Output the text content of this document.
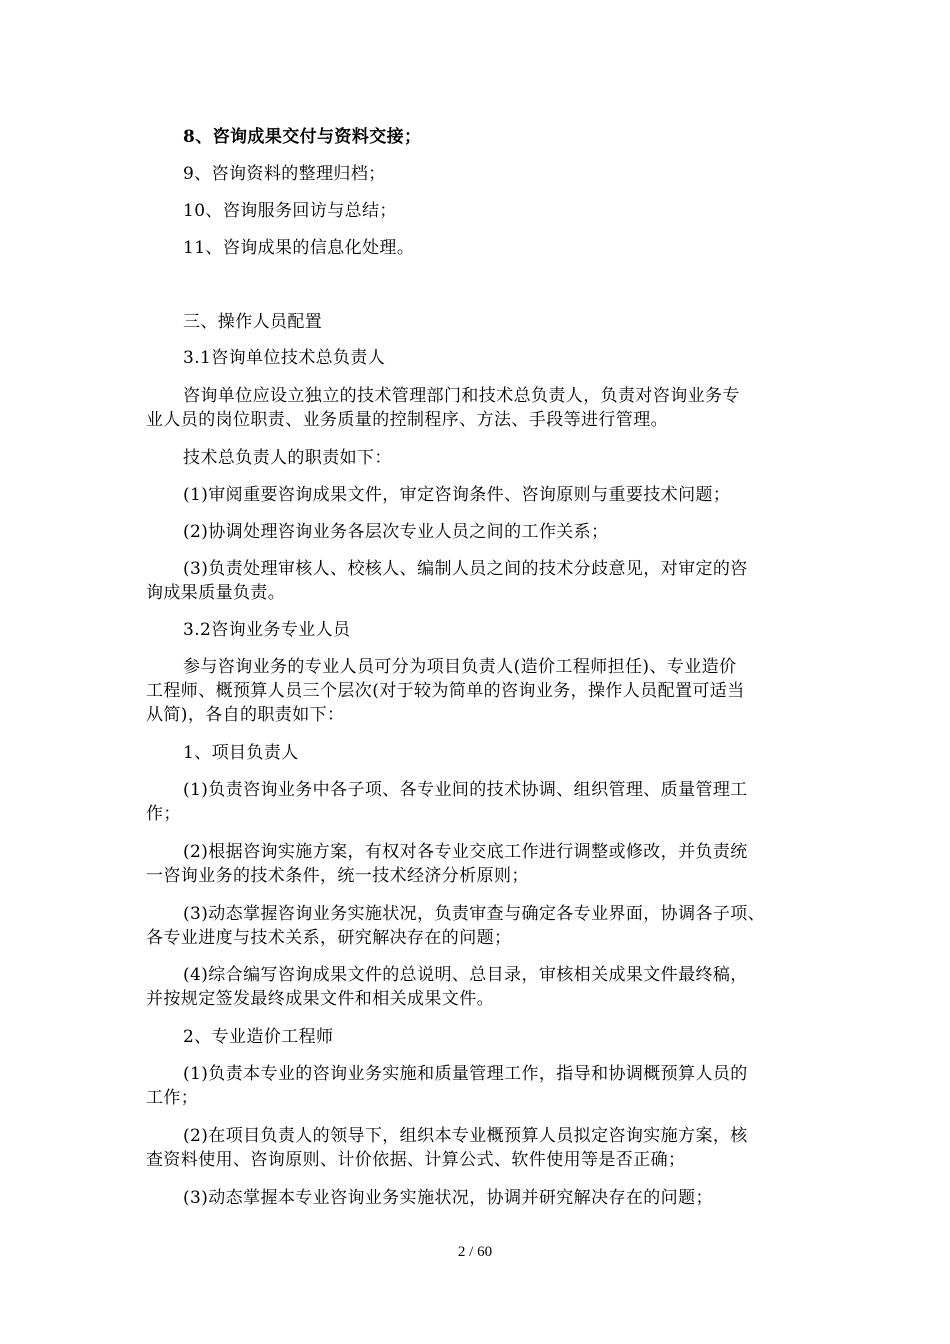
8、咨询成果交付与资料交接；
9、咨询资料的整理归档；
10、咨询服务回访与总结；
11、咨询成果的信息化处理。
三、操作人员配置
3.1咨询单位技术总负责人
咨询单位应设立独立的技术管理部门和技术总负责人，负责对咨询业务专
业人员的岗位职责、业务质量的控制程序、方法、手段等进行管理。
技术总负责人的职责如下：
(1)审阅重要咨询成果文件，审定咨询条件、咨询原则与重要技术问题；
(2)协调处理咨询业务各层次专业人员之间的工作关系；
(3)负责处理审核人、校核人、编制人员之间的技术分歧意见，对审定的咨
询成果质量负责。
3.2咨询业务专业人员
参与咨询业务的专业人员可分为项目负责人(造价工程师担任)、专业造价
工程师、概预算人员三个层次(对于较为简单的咨询业务，操作人员配置可适当
从简)，各自的职责如下：
1、项目负责人
(1)负责咨询业务中各子项、各专业间的技术协调、组织管理、质量管理工
作；
(2)根据咨询实施方案，有权对各专业交底工作进行调整或修改，并负责统
一咨询业务的技术条件，统一技术经济分析原则；
(3)动态掌握咨询业务实施状况，负责审查与确定各专业界面，协调各子项、
各专业进度与技术关系，研究解决存在的问题；
(4)综合编写咨询成果文件的总说明、总目录，审核相关成果文件最终稿，
并按规定签发最终成果文件和相关成果文件。
2、专业造价工程师
(1)负责本专业的咨询业务实施和质量管理工作，指导和协调概预算人员的
工作；
(2)在项目负责人的领导下，组织本专业概预算人员拟定咨询实施方案，核
查资料使用、咨询原则、计价依据、计算公式、软件使用等是否正确；
(3)动态掌握本专业咨询业务实施状况，协调并研究解决存在的问题；
2 / 60
